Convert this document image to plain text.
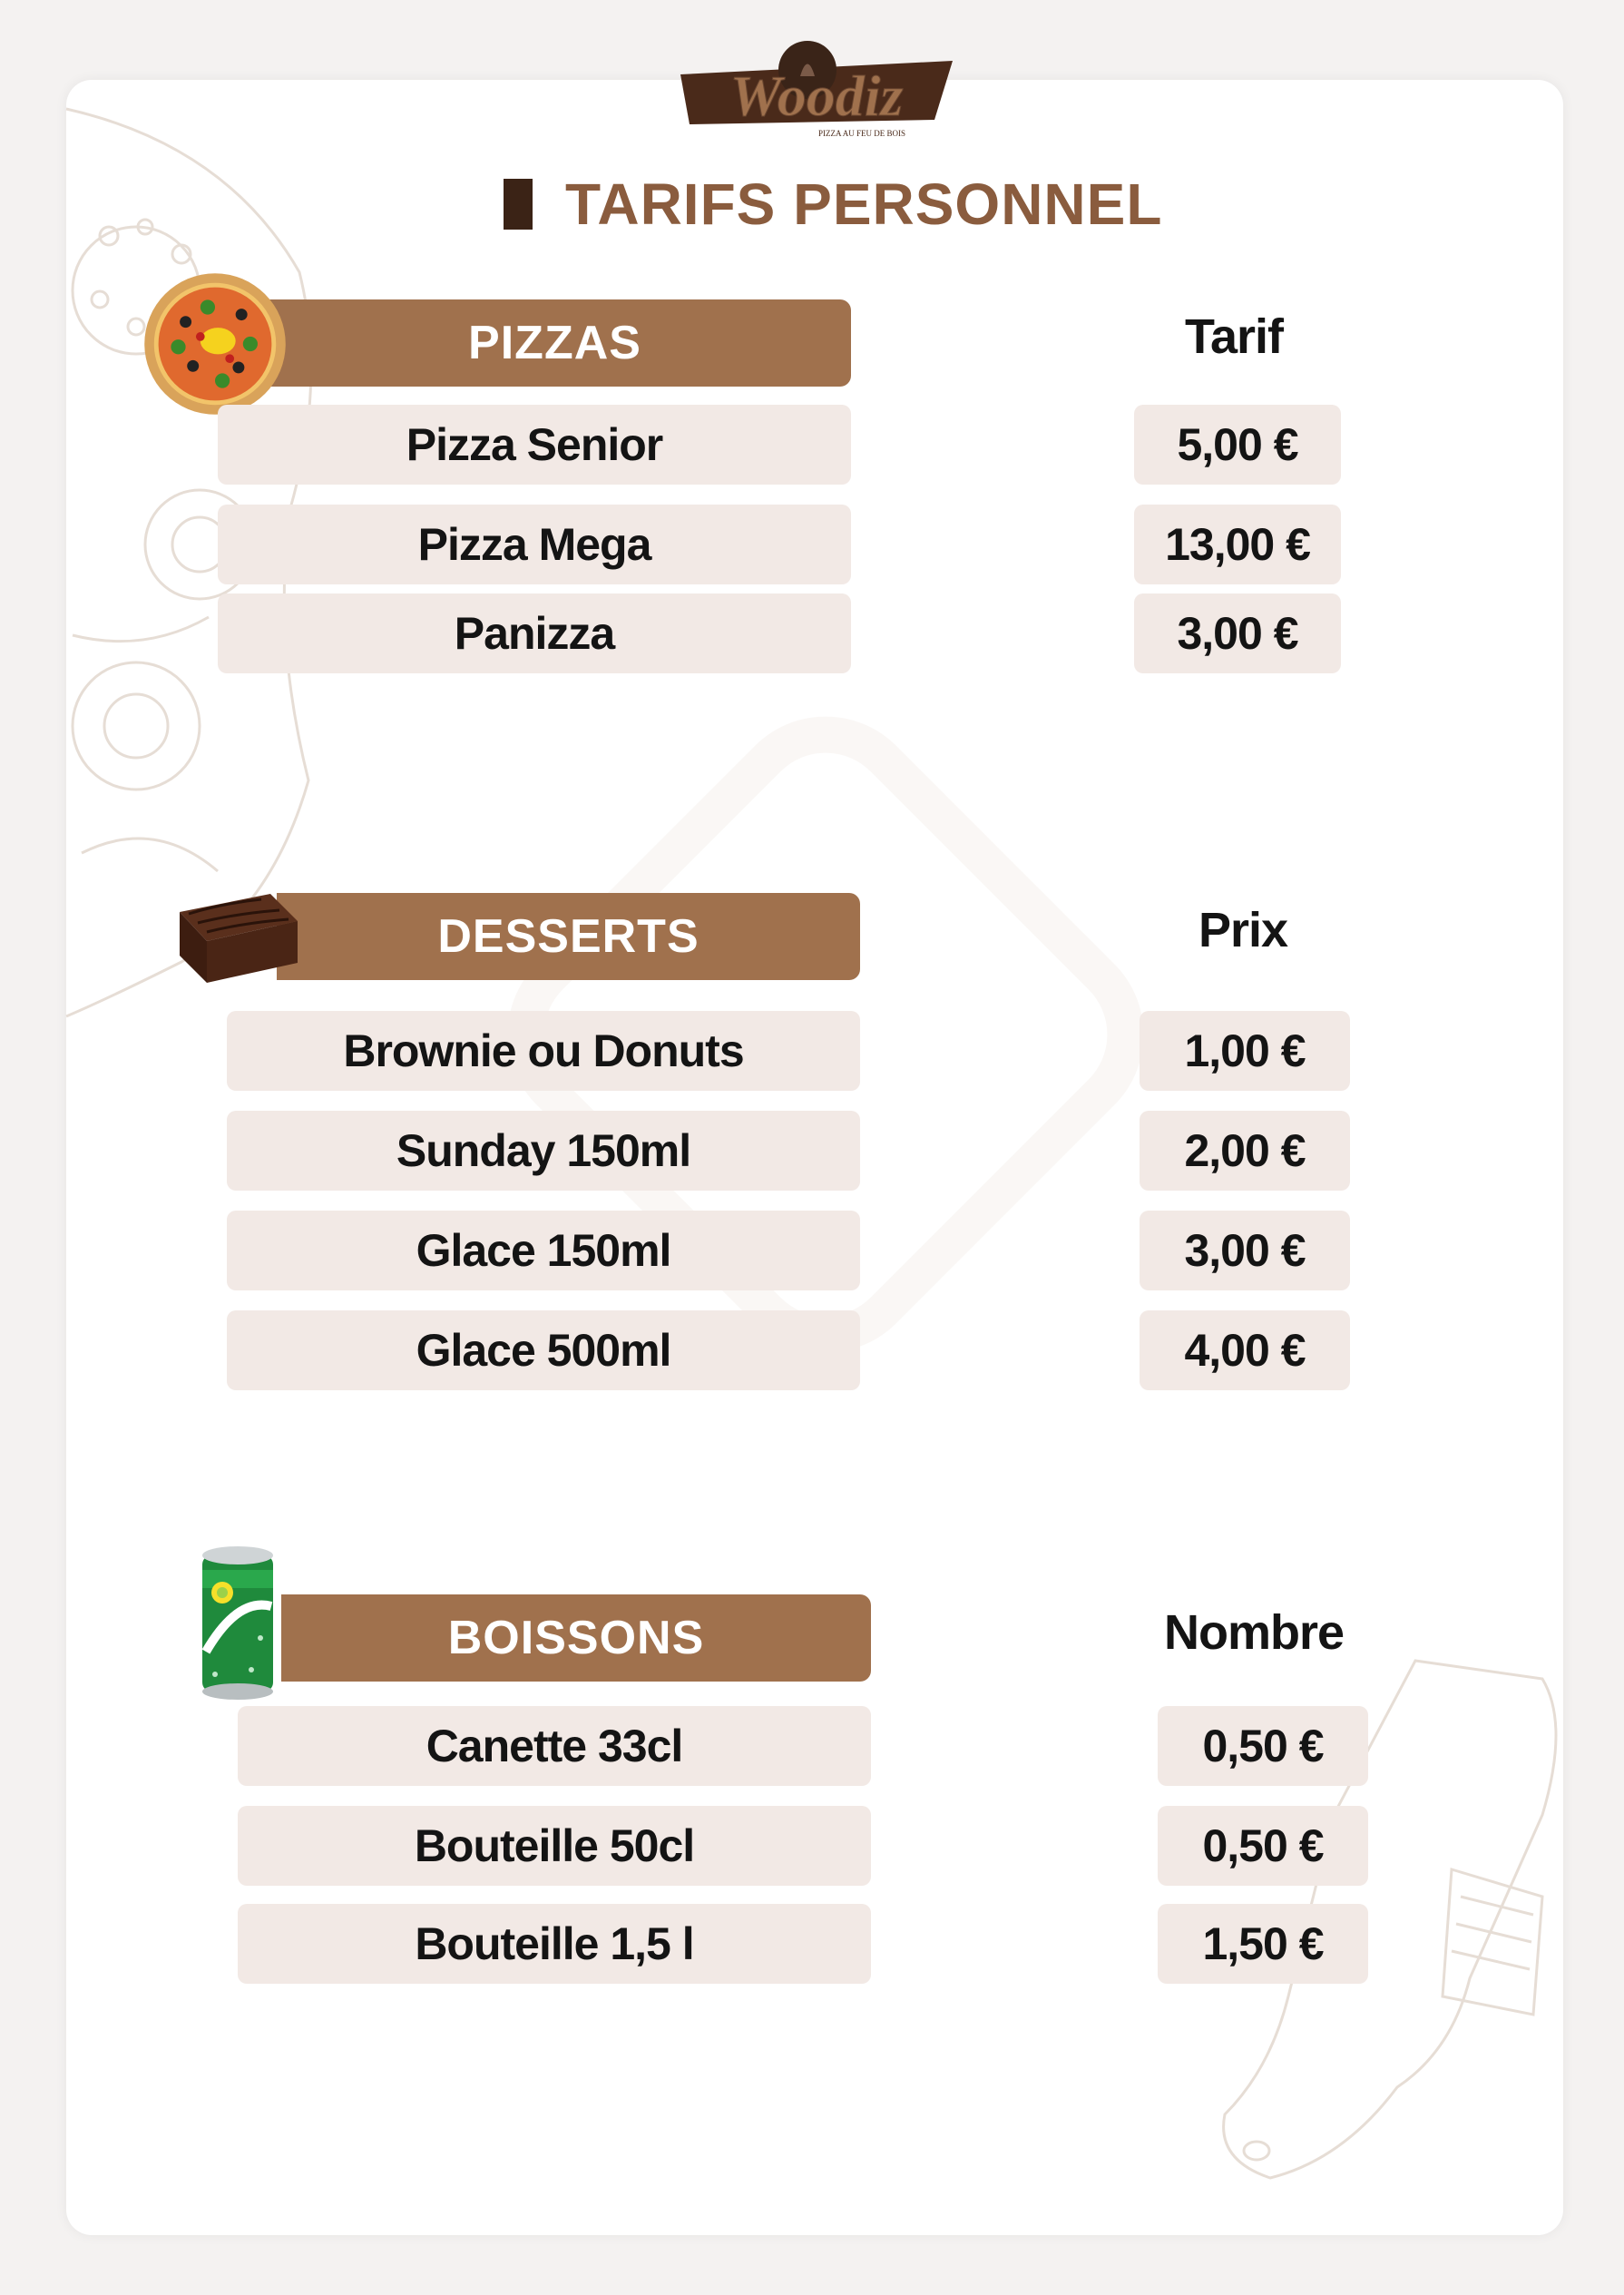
Woodiz
PIZZA AU FEU DE BOIS
TARIFS PERSONNEL
PIZZAS	Tarif
Pizza Senior	5,00 €
Pizza Mega	13,00 €
Panizza	3,00 €
DESSERTS	Prix
Brownie ou Donuts	1,00 €
Sunday 150ml	2,00 €
Glace 150ml	3,00 €
Glace 500ml	4,00 €
BOISSONS	Nombre
Canette 33cl	0,50 €
Bouteille 50cl	0,50 €
Bouteille 1,5 l	1,50 €
